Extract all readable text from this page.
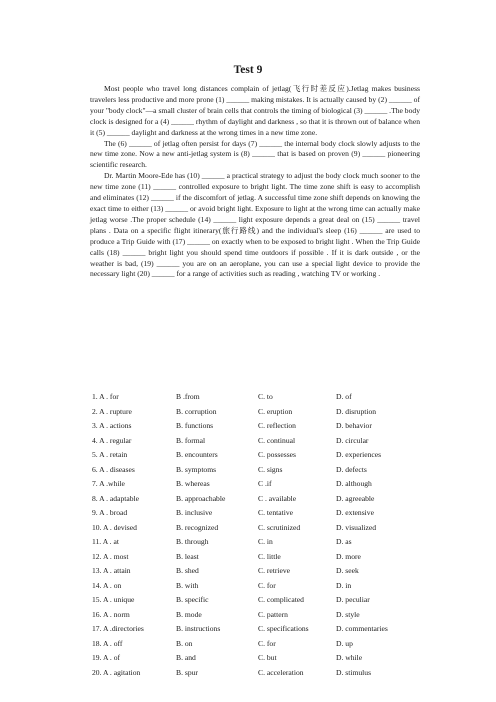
Test 9

Most people who travel long distances complain of jetlag(飞行时差反应).Jetlag makes business travelers less productive and more prone (1) ______ making mistakes. It is actually caused by (2) ______ of your "body clock"—a small cluster of brain cells that controls the timing of biological (3) ______ .The body clock is designed for a (4) ______ rhythm of daylight and darkness , so that it is thrown out of balance when it (5) ______ daylight and darkness at the wrong times in a new time zone.

The (6) ______ of jetlag often persist for days (7) ______ the internal body clock slowly adjusts to the new time zone. Now a new anti-jetlag system is (8) ______ that is based on proven (9) ______ pioneering scientific research.

Dr. Martin Moore-Ede has (10) ______ a practical strategy to adjust the body clock much sooner to the new time zone (11) ______ controlled exposure to bright light. The time zone shift is easy to accomplish and eliminates (12) ______ if the discomfort of jetlag. A successful time zone shift depends on knowing the exact time to either (13) ______ or avoid bright light. Exposure to light at the wrong time can actually make jetlag worse .The proper schedule (14) ______ light exposure depends a great deal on (15) ______ travel plans . Data on a specific flight itinerary(旅行路线) and the individual's sleep (16) ______ are used to produce a Trip Guide with (17) ______ on exactly when to be exposed to bright light . When the Trip Guide calls (18) ______ bright light you should spend time outdoors if possible . If it is dark outside , or the weather is bad, (19) ______ you are on an aeroplane, you can use a special light device to provide the necessary light (20) ______ for a range of activities such as reading , watching TV or working .

1. A . for	B .from	C. to	D. of
2. A . rupture	B. corruption	C. eruption	D. disruption
3. A . actions	B. functions	C. reflection	D. behavior
4. A . regular	B. formal	C. continual	D. circular
5. A . retain	B. encounters	C. possesses	D. experiences
6. A . diseases	B. symptoms	C. signs	D. defects
7. A .while	B. whereas	C .if	D. although
8. A . adaptable	B. approachable	C . available	D. agreeable
9. A . broad	B. inclusive	C. tentative	D. extensive
10. A . devised	B. recognized	C. scrutinized	D. visualized
11. A . at	B. through	C. in	D. as
12. A . most	B. least	C. little	D. more
13. A . attain	B. shed	C. retrieve	D. seek
14. A . on	B. with	C. for	D. in
15. A . unique	B. specific	C. complicated	D. peculiar
16. A . norm	B. mode	C. pattern	D. style
17. A .directories	B. instructions	C. specifications	D. commentaries
18. A . off	B. on	C. for	D. up
19. A . of	B. and	C. but	D. while
20. A . agitation	B. spur	C. acceleration	D. stimulus
